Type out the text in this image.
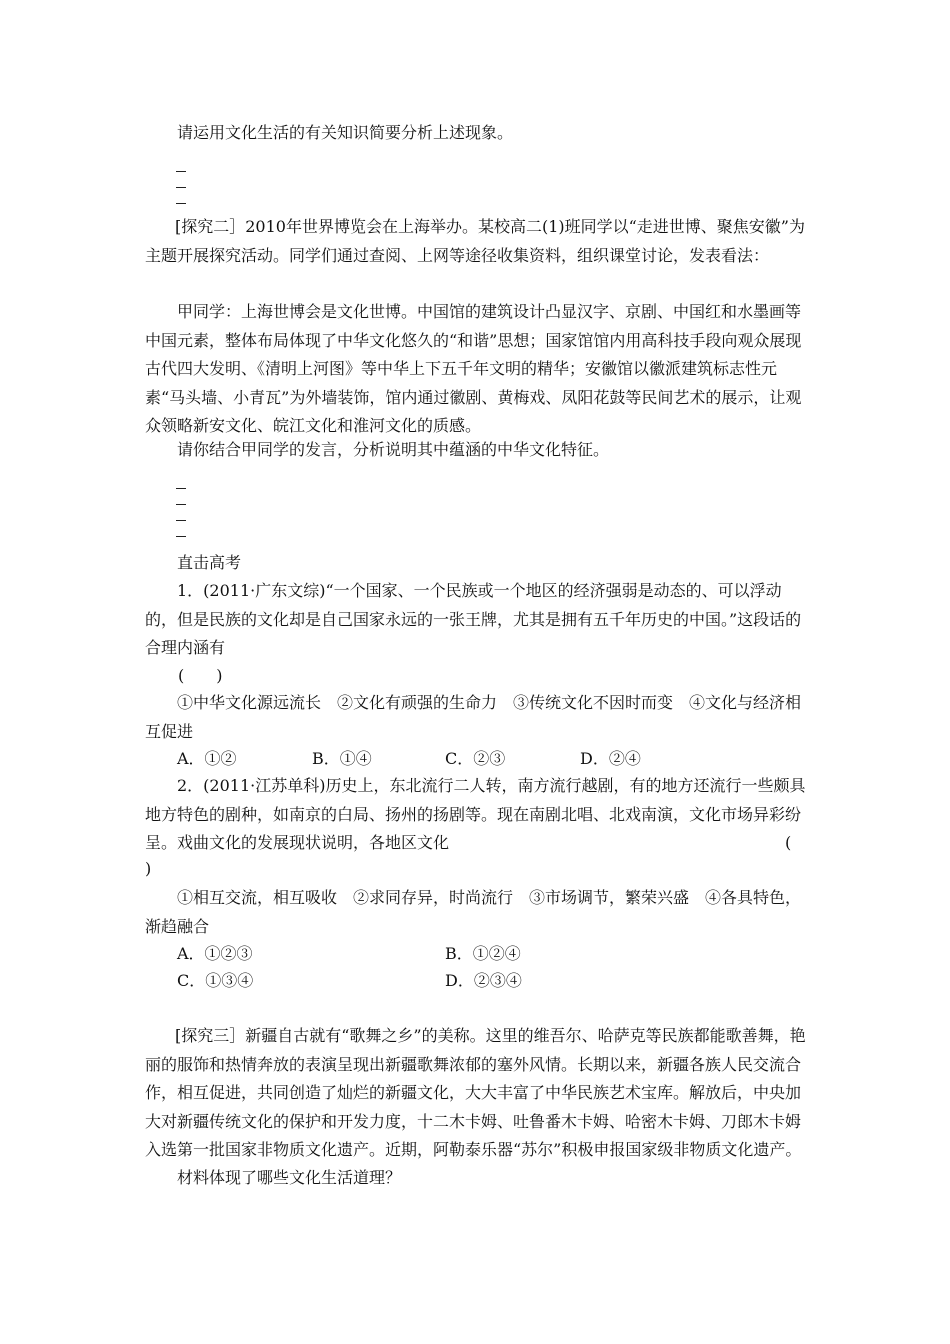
请运用文化生活的有关知识简要分析上述现象。

[探究二］2010年世界博览会在上海举办。某校高二(1)班同学以“走进世博、聚焦安徽”为主题开展探究活动。同学们通过查阅、上网等途径收集资料，组织课堂讨论，发表看法：

甲同学：上海世博会是文化世博。中国馆的建筑设计凸显汉字、京剧、中国红和水墨画等中国元素，整体布局体现了中华文化悠久的“和谐”思想；国家馆馆内用高科技手段向观众展现古代四大发明、《清明上河图》等中华上下五千年文明的精华；安徽馆以徽派建筑标志性元素“马头墙、小青瓦”为外墙装饰，馆内通过徽剧、黄梅戏、凤阳花鼓等民间艺术的展示，让观众领略新安文化、皖江文化和淮河文化的质感。

请你结合甲同学的发言，分析说明其中蕴涵的中华文化特征。

直击高考

1．(2011·广东文综)“一个国家、一个民族或一个地区的经济强弱是动态的、可以浮动的，但是民族的文化却是自己国家永远的一张王牌，尤其是拥有五千年历史的中国。”这段话的合理内涵有

(　　)

①中华文化源远流长　②文化有顽强的生命力　③传统文化不因时而变　④文化与经济相互促进

A．①②	B．①④	C．②③	D．②④

2．(2011·江苏单科)历史上，东北流行二人转，南方流行越剧，有的地方还流行一些颇具地方特色的剧种，如南京的白局、扬州的扬剧等。现在南剧北唱、北戏南演，文化市场异彩纷呈。戏曲文化的发展现状说明，各地区文化	(
)

①相互交流，相互吸收　②求同存异，时尚流行　③市场调节，繁荣兴盛　④各具特色，渐趋融合

A．①②③	B．①②④
C．①③④	D．②③④

[探究三］新疆自古就有“歌舞之乡”的美称。这里的维吾尔、哈萨克等民族都能歌善舞，艳丽的服饰和热情奔放的表演呈现出新疆歌舞浓郁的塞外风情。长期以来，新疆各族人民交流合作，相互促进，共同创造了灿烂的新疆文化，大大丰富了中华民族艺术宝库。解放后，中央加大对新疆传统文化的保护和开发力度，十二木卡姆、吐鲁番木卡姆、哈密木卡姆、刀郎木卡姆入选第一批国家非物质文化遗产。近期，阿勒泰乐器“苏尔”积极申报国家级非物质文化遗产。

材料体现了哪些文化生活道理？
